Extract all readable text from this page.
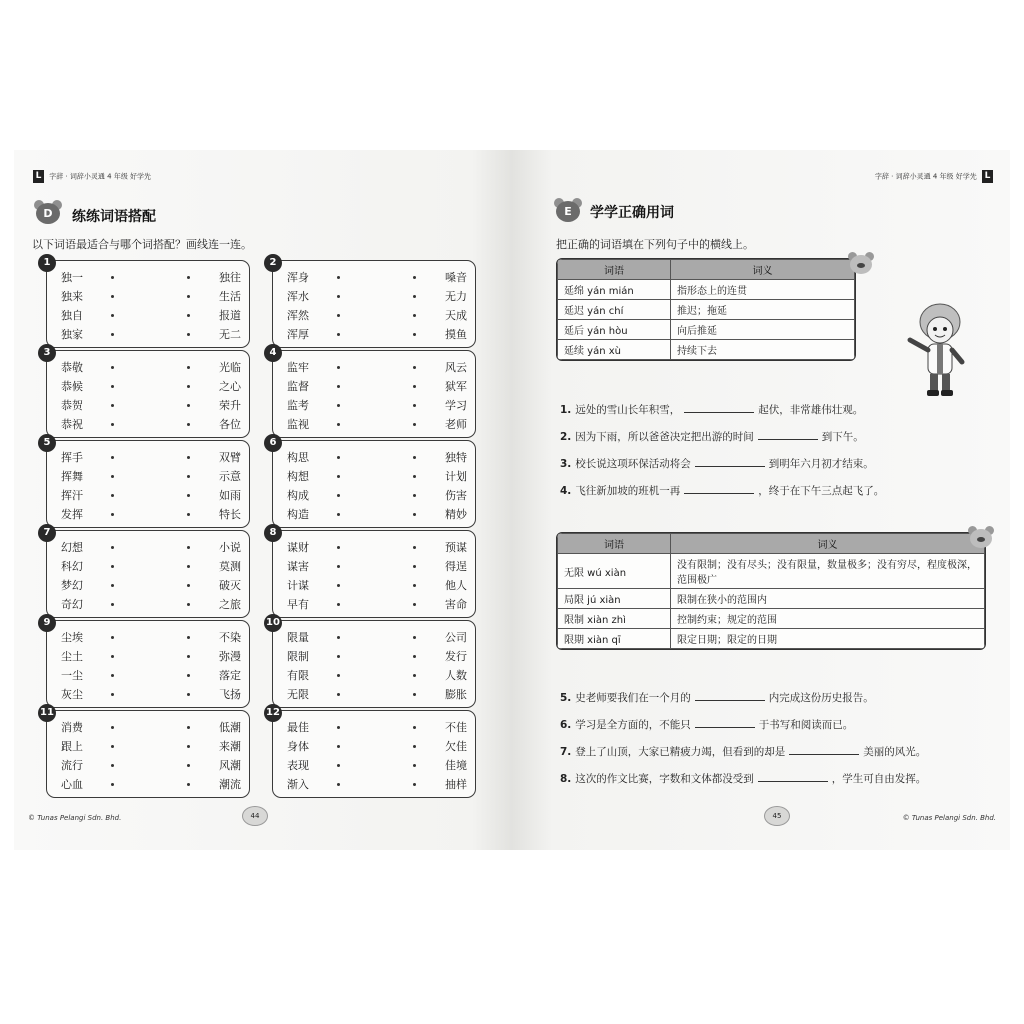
L 字辞 · 词辞小灵通 4 年级 好学先
D	练练词语搭配
以下词语最适合与哪个词搭配？画线连一连。
1
独一	独往
独来	生活
独自	报道
独家	无二
2
浑身	嗓音
浑水	无力
浑然	天成
浑厚	摸鱼
3
恭敬	光临
恭候	之心
恭贺	荣升
恭祝	各位
4
监牢	风云
监督	狱军
监考	学习
监视	老师
5
挥手	双臂
挥舞	示意
挥汗	如雨
发挥	特长
6
构思	独特
构想	计划
构成	伤害
构造	精妙
7
幻想	小说
科幻	莫测
梦幻	破灭
奇幻	之旅
8
谋财	预谋
谋害	得逞
计谋	他人
早有	害命
9
尘埃	不染
尘土	弥漫
一尘	落定
灰尘	飞扬
10
限量	公司
限制	发行
有限	人数
无限	膨胀
11
消费	低潮
跟上	来潮
流行	风潮
心血	潮流
12
最佳	不佳
身体	欠佳
表现	佳境
渐入	抽样
© Tunas Pelangi Sdn. Bhd.	44
字辞 · 词辞小灵通 4 年级 好学先 L
E	学学正确用词
把正确的词语填在下列句子中的横线上。
词语	词义
延绵 yán mián	指形态上的连贯
延迟 yán chí	推迟；拖延
延后 yán hòu	向后推延
延续 yán xù	持续下去
1. 远处的雪山长年积雪，	起伏，非常雄伟壮观。
2. 因为下雨，所以爸爸决定把出游的时间	到下午。
3. 校长说这项环保活动将会	到明年六月初才结束。
4. 飞往新加坡的班机一再	，终于在下午三点起飞了。
词语	词义
无限 wú xiàn	没有限制；没有尽头；没有限量，数量极多；没有穷尽，程度极深，范围极广
局限 jú xiàn	限制在狭小的范围内
限制 xiàn zhì	控制约束；规定的范围
限期 xiàn qī	限定日期；限定的日期
5. 史老师要我们在一个月的	内完成这份历史报告。
6. 学习是全方面的，不能只	于书写和阅读而已。
7. 登上了山顶，大家已精疲力竭，但看到的却是	美丽的风光。
8. 这次的作文比赛，字数和文体都没受到	，学生可自由发挥。
© Tunas Pelangi Sdn. Bhd.
45
